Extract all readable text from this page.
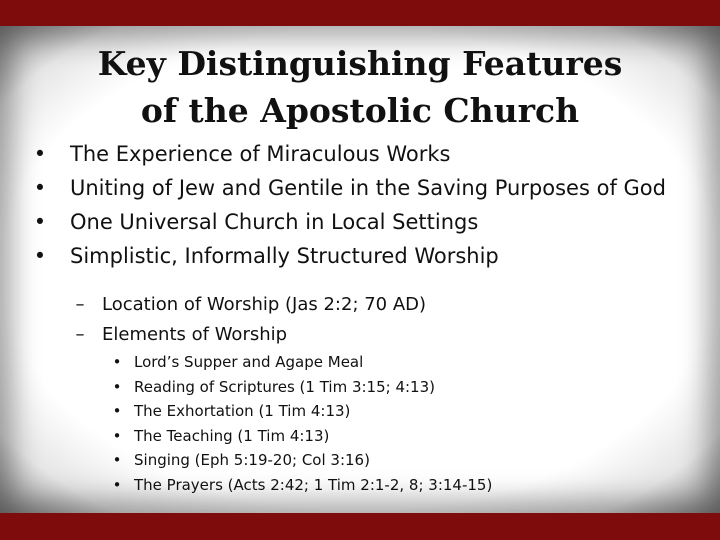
Key Distinguishing Features
of the Apostolic Church
• The Experience of Miraculous Works
• Uniting of Jew and Gentile in the Saving Purposes of God
• One Universal Church in Local Settings
• Simplistic, Informally Structured Worship
– Location of Worship (Jas 2:2; 70 AD)
– Elements of Worship
• Lord’s Supper and Agape Meal
• Reading of Scriptures (1 Tim 3:15; 4:13)
• The Exhortation (1 Tim 4:13)
• The Teaching (1 Tim 4:13)
• Singing (Eph 5:19-20; Col 3:16)
• The Prayers (Acts 2:42; 1 Tim 2:1-2, 8; 3:14-15)
